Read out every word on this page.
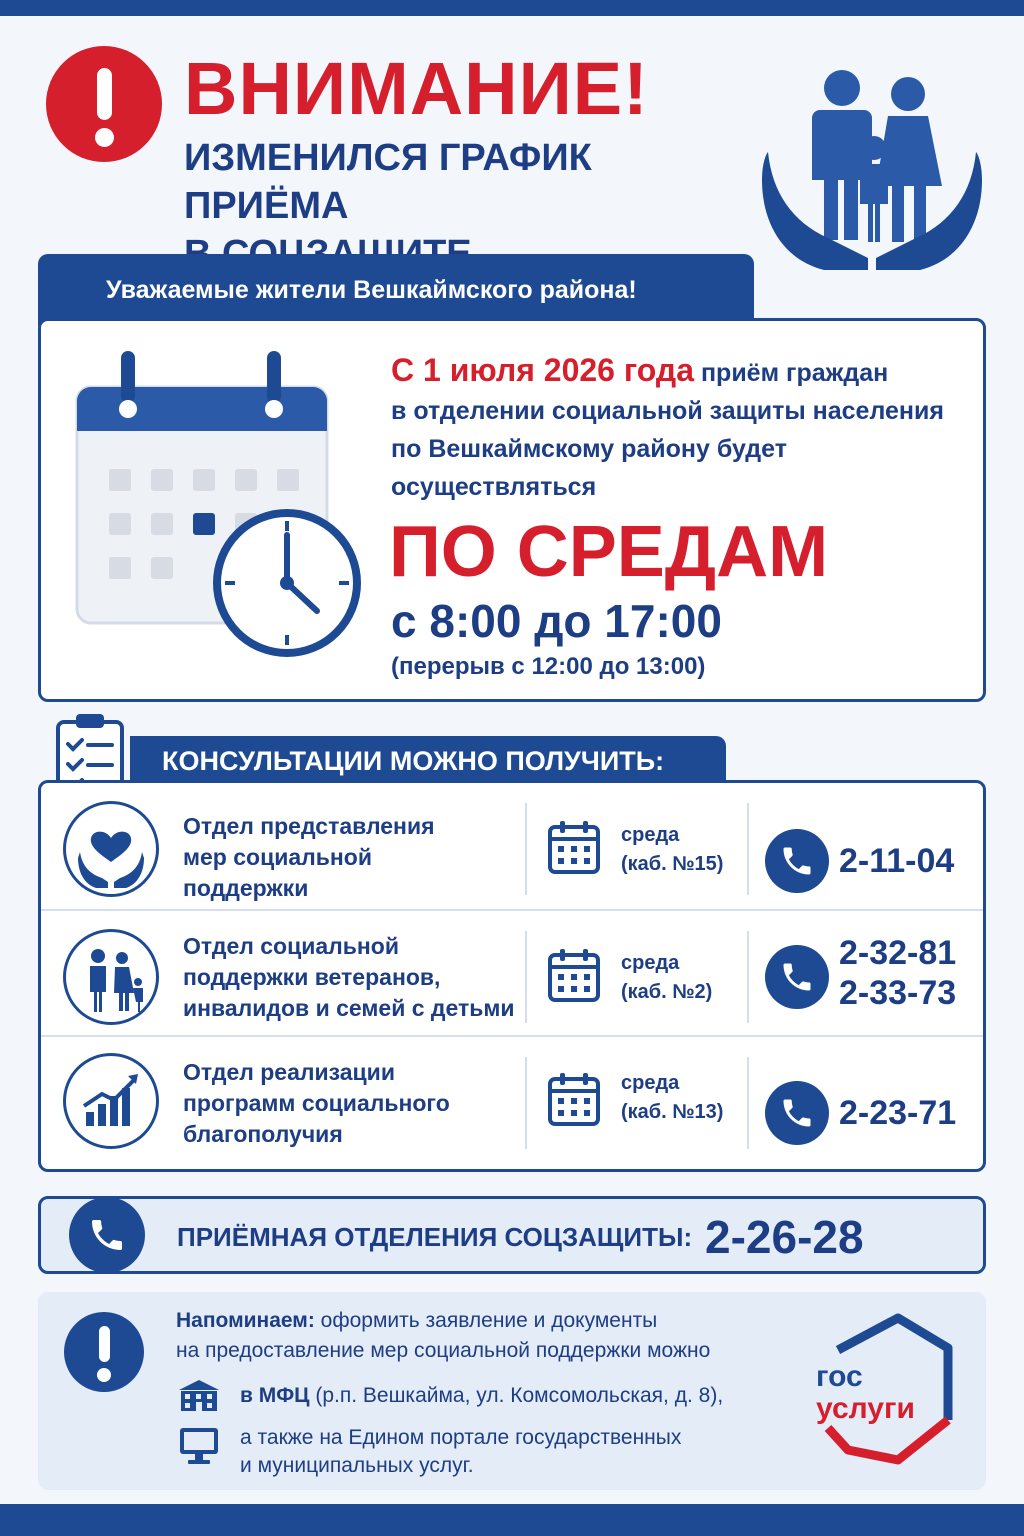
ВНИМАНИЕ!
ИЗМЕНИЛСЯ ГРАФИК ПРИЁМА
Уважаемые жители Вешкаймского района!
С 1 июля 2026 года приём граждан
в отделении социальной защиты населения
по Вешкаймскому району будет
осуществляться
ПО СРЕДАМ
с 8:00 до 17:00
(перерыв с 12:00 до 13:00)
КОНСУЛЬТАЦИИ МОЖНО ПОЛУЧИТЬ:
Отдел представления
мер социальной
поддержки
среда
(каб. №15)	2-11-04
Отдел социальной
поддержки ветеранов,
инвалидов и семей с детьми
среда
(каб. №2)
2-32-81
2-33-73
Отдел реализации
программ социального
благополучия
среда
(каб. №13)	2-23-71
ПРИЁМНАЯ ОТДЕЛЕНИЯ СОЦЗАЩИТЫ: 2-26-28
Напоминаем: оформить заявление и документы
на предоставление мер социальной поддержки можно
в МФЦ (р.п. Вешкайма, ул. Комсомольская, д. 8),
а также на Едином портале государственных
и муниципальных услуг.
гос
услуги
